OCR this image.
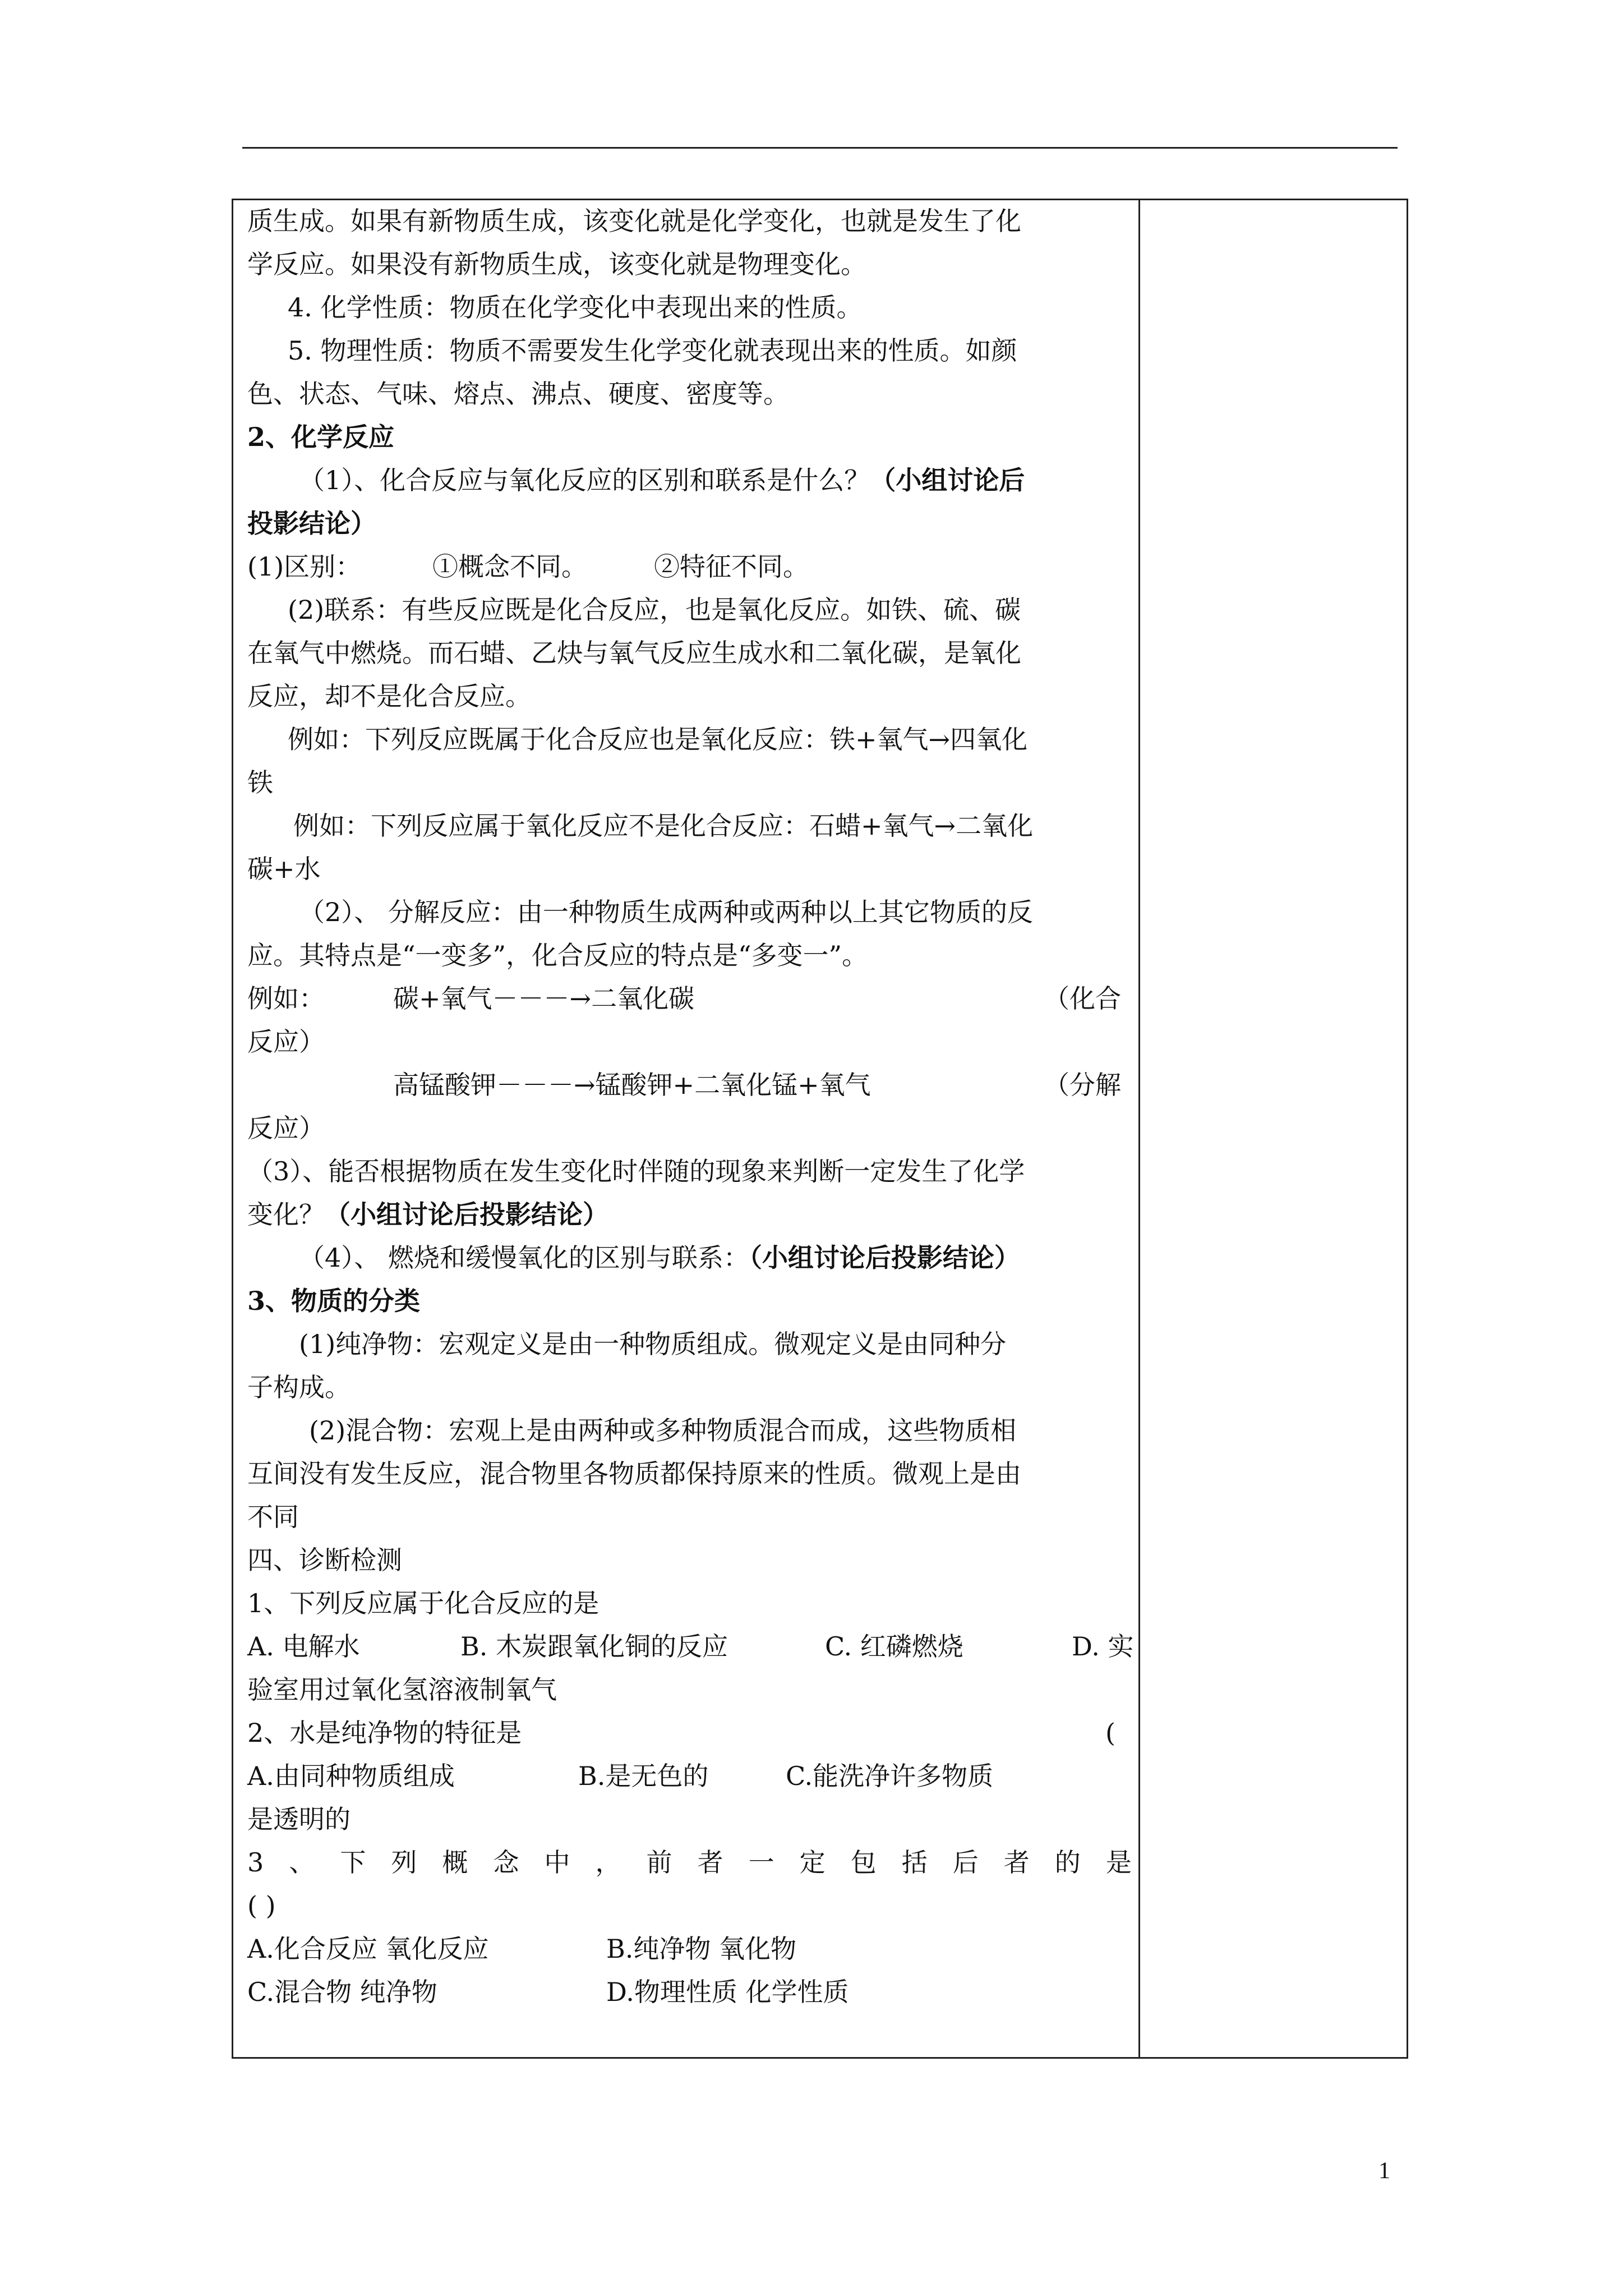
质生成。如果有新物质生成，该变化就是化学变化，也就是发生了化
学反应。如果没有新物质生成，该变化就是物理变化。
4. 化学性质：物质在化学变化中表现出来的性质。
5. 物理性质：物质不需要发生化学变化就表现出来的性质。如颜
色、状态、气味、熔点、沸点、硬度、密度等。
2、化学反应
（1）、化合反应与氧化反应的区别和联系是什么？（小组讨论后
投影结论）
(1)区别：	①概念不同。	②特征不同。
(2)联系：有些反应既是化合反应，也是氧化反应。如铁、硫、碳
在氧气中燃烧。而石蜡、乙炔与氧气反应生成水和二氧化碳，是氧化
反应，却不是化合反应。
例如：下列反应既属于化合反应也是氧化反应：铁+氧气→四氧化
铁
例如：下列反应属于氧化反应不是化合反应：石蜡+氧气→二氧化
碳+水
（2）、 分解反应：由一种物质生成两种或两种以上其它物质的反
应。其特点是“一变多”，化合反应的特点是“多变一”。
例如：	碳+氧气－－－→二氧化碳	（化合
反应）
高锰酸钾－－－→锰酸钾+二氧化锰+氧气	（分解
反应）
（3）、能否根据物质在发生变化时伴随的现象来判断一定发生了化学
变化？（小组讨论后投影结论）
（4）、 燃烧和缓慢氧化的区别与联系：（小组讨论后投影结论）
3、物质的分类
(1)纯净物：宏观定义是由一种物质组成。微观定义是由同种分
子构成。
(2)混合物：宏观上是由两种或多种物质混合而成，这些物质相
互间没有发生反应，混合物里各物质都保持原来的性质。微观上是由
不同
四、诊断检测
1、下列反应属于化合反应的是
A. 电解水	B. 木炭跟氧化铜的反应	C. 红磷燃烧	D. 实
验室用过氧化氢溶液制氧气
2、水是纯净物的特征是	(
A.由同种物质组成	B.是无色的	C.能洗净许多物质
是透明的
3 、 下 列 概 念 中 ， 前 者 一 定 包 括 后 者 的 是
( )
A.化合反应 氧化反应	B.纯净物 氧化物
C.混合物 纯净物	D.物理性质 化学性质
1
